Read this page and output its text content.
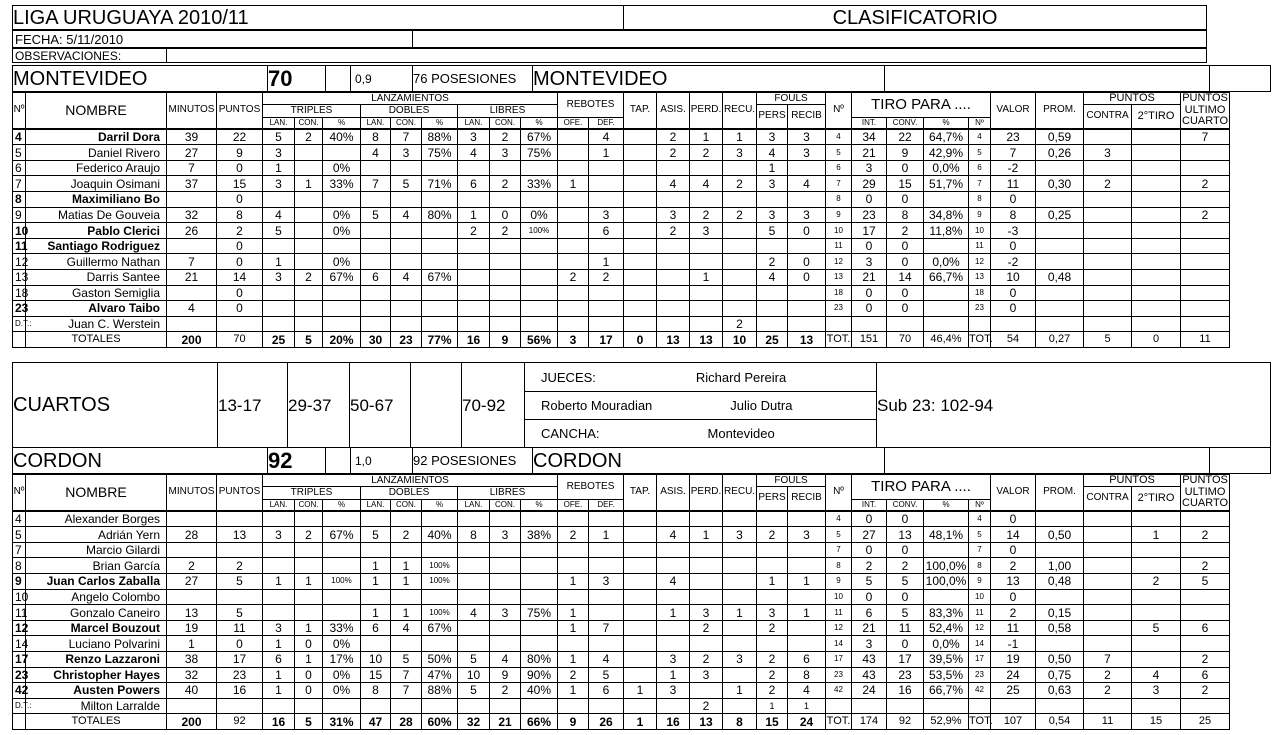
LIGA URUGUAYA 2010/11	CLASIFICATORIO
FECHA: 5/11/2010	
OBSERVACIONES:	
MONTEVIDEO	70		0,9	76 POSESIONES	MONTEVIDEO		
Nº	NOMBRE	MINUTOS	PUNTOS	LANZAMIENTOS									REBOTES		TAP.	ASIS.	PERD.	RECU.	FOULS		Nº	TIRO PARA ....				VALOR	PROM.	PUNTOS		PUNTOS ULTIMO CUARTO
				TRIPLES			DOBLES			LIBRES									PERS	RECIB								CONTRA	2°TIRO	
				LAN.	CON.	%	LAN.	CON.	%	LAN.	CON.	%	OFE.	DEF.								INT.	CONV.	%	Nº					
4	Darril Dora	39	22	5	2	40%	8	7	88%	3	2	67%		4		2	1	1	3	3	4	34	22	64,7%	4	23	0,59			7
5	Daniel Rivero	27	9	3			4	3	75%	4	3	75%		1		2	2	3	4	3	5	21	9	42,9%	5	7	0,26	3		
6	Federico Araujo	7	0	1		0%													1		6	3	0	0,0%	6	-2				
7	Joaquin Osimani	37	15	3	1	33%	7	5	71%	6	2	33%	1			4	4	2	3	4	7	29	15	51,7%	7	11	0,30	2		2
8	Maximiliano Bo		0																		8	0	0		8	0				
9	Matias De Gouveia	32	8	4		0%	5	4	80%	1	0	0%		3		3	2	2	3	3	9	23	8	34,8%	9	8	0,25			2
10	Pablo Clerici	26	2	5		0%				2	2	100%		6		2	3		5	0	10	17	2	11,8%	10	-3				
11	Santiago Rodriguez		0																		11	0	0		11	0				
12	Guillermo Nathan	7	0	1		0%								1					2	0	12	3	0	0,0%	12	-2				
13	Darris Santee	21	14	3	2	67%	6	4	67%				2	2			1		4	0	13	21	14	66,7%	13	10	0,48			
18	Gaston Semiglia		0																		18	0	0		18	0				
23	Alvaro Taibo	4	0																		23	0	0		23	0				
D.T.:	Juan C. Werstein																	2												
	TOTALES	200	70	25	5	20%	30	23	77%	16	9	56%	3	17	0	13	13	10	25	13	TOT.	151	70	46,4%	TOT.	54	0,27	5	0	11
CUARTOS	13-17	29-37	50-67		70-92	JUECES:	Richard Pereira	Sub 23: 102-94
Roberto Mouradian	Julio Dutra
CANCHA:	Montevideo
CORDON	92		1,0	92 POSESIONES	CORDON		
Nº	NOMBRE	MINUTOS	PUNTOS	LANZAMIENTOS									REBOTES		TAP.	ASIS.	PERD.	RECU.	FOULS		Nº	TIRO PARA ....				VALOR	PROM.	PUNTOS		PUNTOS ULTIMO CUARTO
				TRIPLES			DOBLES			LIBRES									PERS	RECIB								CONTRA	2°TIRO	
				LAN.	CON.	%	LAN.	CON.	%	LAN.	CON.	%	OFE.	DEF.								INT.	CONV.	%	Nº					
4	Alexander Borges																				4	0	0		4	0				
5	Adrián Yern	28	13	3	2	67%	5	2	40%	8	3	38%	2	1		4	1	3	2	3	5	27	13	48,1%	5	14	0,50		1	2
7	Marcio Gilardi																				7	0	0		7	0				
8	Brian García	2	2				1	1	100%												8	2	2	100,0%	8	2	1,00			2
9	Juan Carlos Zaballa	27	5	1	1	100%	1	1	100%				1	3		4			1	1	9	5	5	100,0%	9	13	0,48		2	5
10	Angelo Colombo																				10	0	0		10	0				
11	Gonzalo Caneiro	13	5				1	1	100%	4	3	75%	1			1	3	1	3	1	11	6	5	83,3%	11	2	0,15			
12	Marcel Bouzout	19	11	3	1	33%	6	4	67%				1	7			2		2		12	21	11	52,4%	12	11	0,58		5	6
14	Luciano Polvarini	1	0	1	0	0%															14	3	0	0,0%	14	-1				
17	Renzo Lazzaroni	38	17	6	1	17%	10	5	50%	5	4	80%	1	4		3	2	3	2	6	17	43	17	39,5%	17	19	0,50	7		2
23	Christopher Hayes	32	23	1	0	0%	15	7	47%	10	9	90%	2	5		1	3		2	8	23	43	23	53,5%	23	24	0,75	2	4	6
42	Austen Powers	40	16	1	0	0%	8	7	88%	5	2	40%	1	6	1	3		1	2	4	42	24	16	66,7%	42	25	0,63	2	3	2
D.T.:	Milton Larralde																2		1	1										
	TOTALES	200	92	16	5	31%	47	28	60%	32	21	66%	9	26	1	16	13	8	15	24	TOT.	174	92	52,9%	TOT.	107	0,54	11	15	25
